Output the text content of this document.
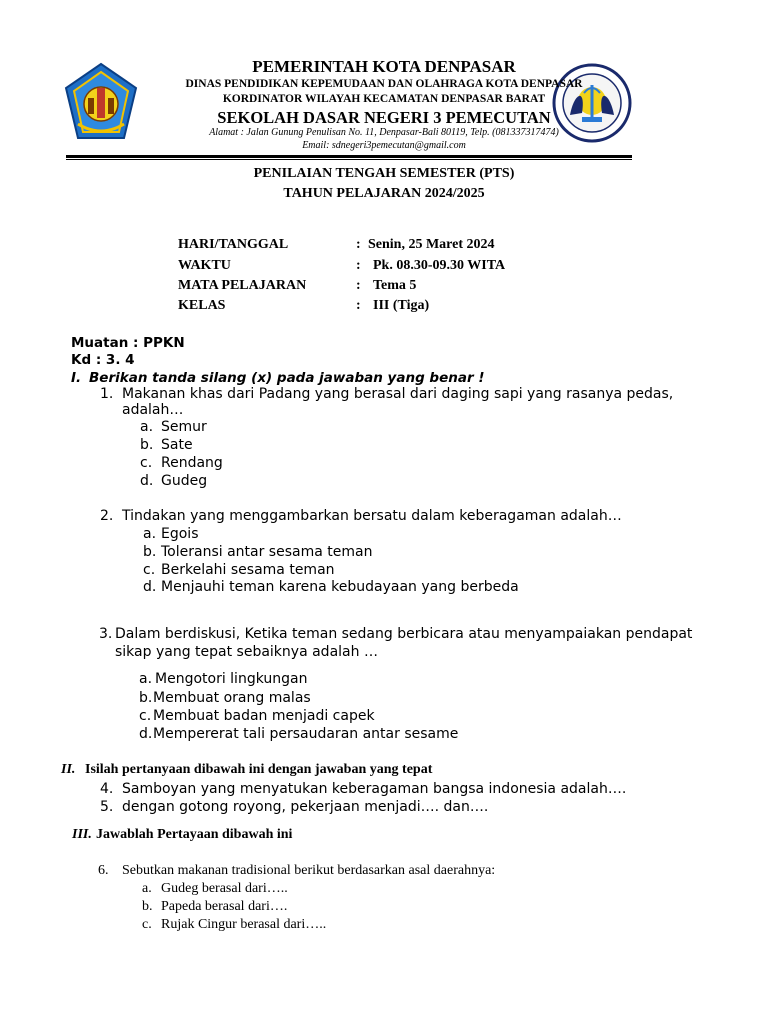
PEMERINTAH KOTA DENPASAR
DINAS PENDIDIKAN KEPEMUDAAN DAN OLAHRAGA KOTA DENPASAR
KORDINATOR WILAYAH KECAMATAN DENPASAR BARAT
SEKOLAH DASAR NEGERI 3 PEMECUTAN
Alamat : Jalan Gunung Penulisan No. 11, Denpasar-Bali 80119, Telp. (081337317474)
Email: sdnegeri3pemecutan@gmail.com
PENILAIAN TENGAH SEMESTER (PTS)
TAHUN PELAJARAN 2024/2025
HARI/TANGGAL	: Senin, 25 Maret 2024
WAKTU	: Pk. 08.30-09.30 WITA
MATA PELAJARAN	: Tema 5
KELAS	: III (Tiga)
Muatan : PPKN
Kd : 3. 4
I. Berikan tanda silang (x) pada jawaban yang benar !
1. Makanan khas dari Padang yang berasal dari daging sapi yang rasanya pedas,
adalah…
a. Semur
b. Sate
c. Rendang
d. Gudeg
2. Tindakan yang menggambarkan bersatu dalam keberagaman adalah…
a. Egois
b. Toleransi antar sesama teman
c. Berkelahi sesama teman
d. Menjauhi teman karena kebudayaan yang berbeda
3. Dalam berdiskusi, Ketika teman sedang berbicara atau menyampaiakan pendapat
sikap yang tepat sebaiknya adalah …
a. Mengotori lingkungan
b. Membuat orang malas
c. Membuat badan menjadi capek
d. Mempererat tali persaudaran antar sesame
II. Isilah pertanyaan dibawah ini dengan jawaban yang tepat
4. Samboyan yang menyatukan keberagaman bangsa indonesia adalah….
5. dengan gotong royong, pekerjaan menjadi…. dan….
III. Jawablah Pertayaan dibawah ini
6. Sebutkan makanan tradisional berikut berdasarkan asal daerahnya:
a. Gudeg berasal dari…..
b. Papeda berasal dari….
c. Rujak Cingur berasal dari…..
